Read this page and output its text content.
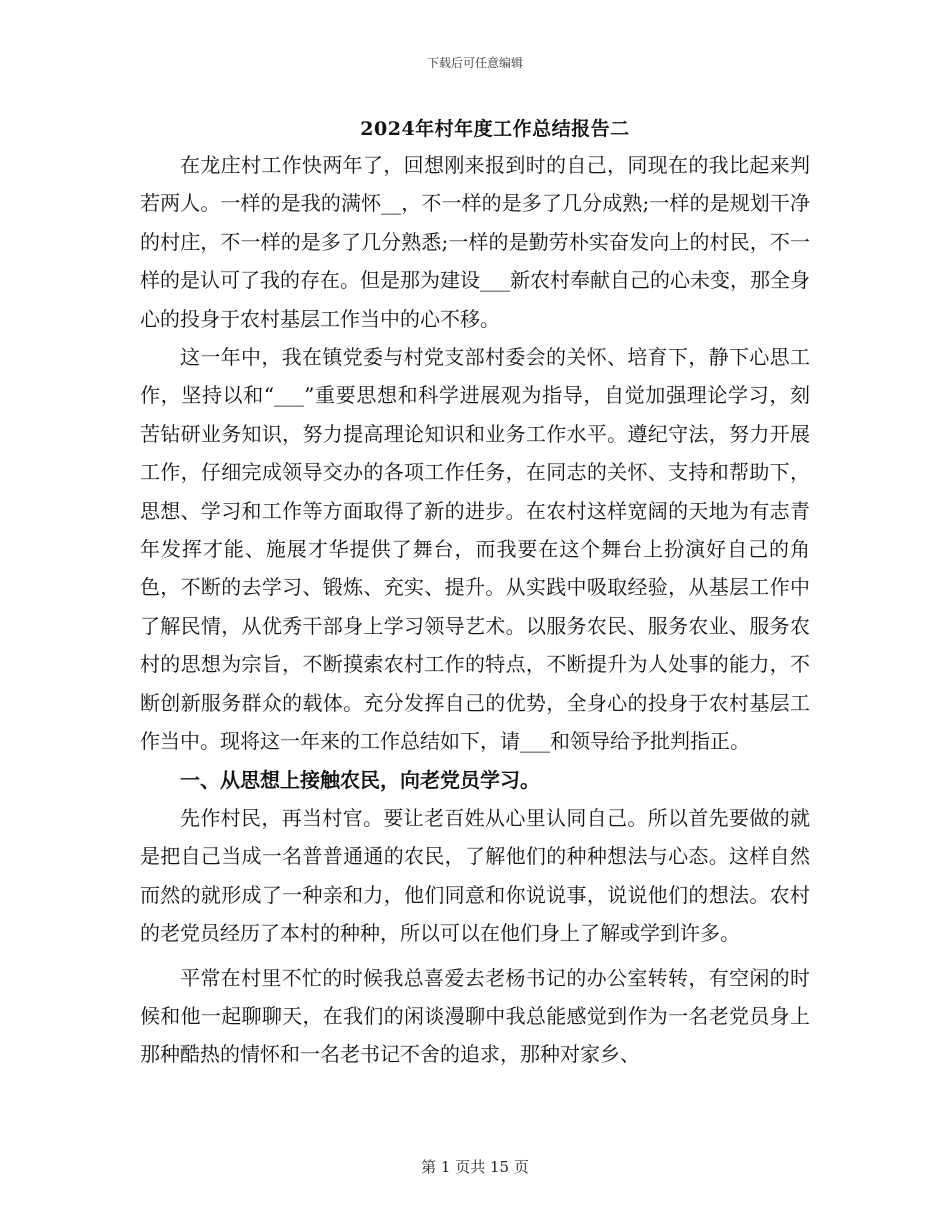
下载后可任意编辑
2024年村年度工作总结报告二

在龙庄村工作快两年了，回想刚来报到时的自己，同现在的我比起来判若两人。一样的是我的满怀__，不一样的是多了几分成熟;一样的是规划干净的村庄，不一样的是多了几分熟悉;一样的是勤劳朴实奋发向上的村民，不一样的是认可了我的存在。但是那为建设___新农村奉献自己的心未变，那全身心的投身于农村基层工作当中的心不移。

这一年中，我在镇党委与村党支部村委会的关怀、培育下，静下心思工作，坚持以和“___”重要思想和科学进展观为指导，自觉加强理论学习，刻苦钻研业务知识，努力提高理论知识和业务工作水平。遵纪守法，努力开展工作，仔细完成领导交办的各项工作任务，在同志的关怀、支持和帮助下，思想、学习和工作等方面取得了新的进步。在农村这样宽阔的天地为有志青年发挥才能、施展才华提供了舞台，而我要在这个舞台上扮演好自己的角色，不断的去学习、锻炼、充实、提升。从实践中吸取经验，从基层工作中了解民情，从优秀干部身上学习领导艺术。以服务农民、服务农业、服务农村的思想为宗旨，不断摸索农村工作的特点，不断提升为人处事的能力，不断创新服务群众的载体。充分发挥自己的优势，全身心的投身于农村基层工作当中。现将这一年来的工作总结如下，请___和领导给予批判指正。

一、从思想上接触农民，向老党员学习。

先作村民，再当村官。要让老百姓从心里认同自己。所以首先要做的就是把自己当成一名普普通通的农民，了解他们的种种想法与心态。这样自然而然的就形成了一种亲和力，他们同意和你说说事，说说他们的想法。农村的老党员经历了本村的种种，所以可以在他们身上了解或学到许多。

平常在村里不忙的时候我总喜爱去老杨书记的办公室转转，有空闲的时候和他一起聊聊天，在我们的闲谈漫聊中我总能感觉到作为一名老党员身上那种酷热的情怀和一名老书记不舍的追求，那种对家乡、

第 1 页共 15 页
